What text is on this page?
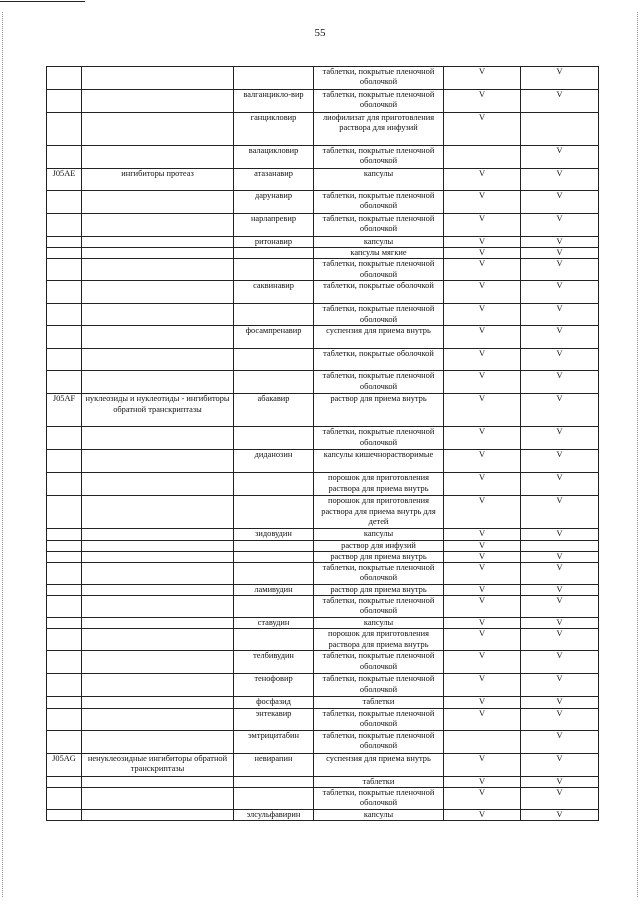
55
			таблетки, покрытые пленочной оболочкой	V	V
		валганцикло-вир	таблетки, покрытые пленочной оболочкой	V	V
		ганцикловир	лиофилизат для приготовления раствора для инфузий	V	
		валацикловир	таблетки, покрытые пленочной оболочкой		V
J05AE	ингибиторы протеаз	атазанавир	капсулы	V	V
		дарунавир	таблетки, покрытые пленочной оболочкой	V	V
		нарлапревир	таблетки, покрытые пленочной оболочкой	V	V
		ритонавир	капсулы	V	V
			капсулы мягкие	V	V
			таблетки, покрытые пленочной оболочкой	V	V
		саквинавир	таблетки, покрытые оболочкой	V	V
			таблетки, покрытые пленочной оболочкой	V	V
		фосампренавир	суспензия для приема внутрь	V	V
			таблетки, покрытые оболочкой	V	V
			таблетки, покрытые пленочной оболочкой	V	V
J05AF	нуклеозиды и нуклеотиды - ингибиторы обратной транскриптазы	абакавир	раствор для приема внутрь	V	V
			таблетки, покрытые пленочной оболочкой	V	V
		диданозин	капсулы кишечнорастворимые	V	V
			порошок для приготовления раствора для приема внутрь	V	V
			порошок для приготовления раствора для приема внутрь для детей	V	V
		зидовудин	капсулы	V	V
			раствор для инфузий	V	
			раствор для приема внутрь	V	V
			таблетки, покрытые пленочной оболочкой	V	V
		ламивудин	раствор для приема внутрь	V	V
			таблетки, покрытые пленочной оболочкой	V	V
		ставудин	капсулы	V	V
			порошок для приготовления раствора для приема внутрь	V	V
		телбивудин	таблетки, покрытые пленочной оболочкой	V	V
		тенофовир	таблетки, покрытые пленочной оболочкой	V	V
		фосфазид	таблетки	V	V
		энтекавир	таблетки, покрытые пленочной оболочкой	V	V
		эмтрицитабин	таблетки, покрытые пленочной оболочкой		V
J05AG	ненуклеозидные ингибиторы обратной транскриптазы	невирапин	суспензия для приема внутрь	V	V
			таблетки	V	V
			таблетки, покрытые пленочной оболочкой	V	V
		элсульфавирин	капсулы	V	V
